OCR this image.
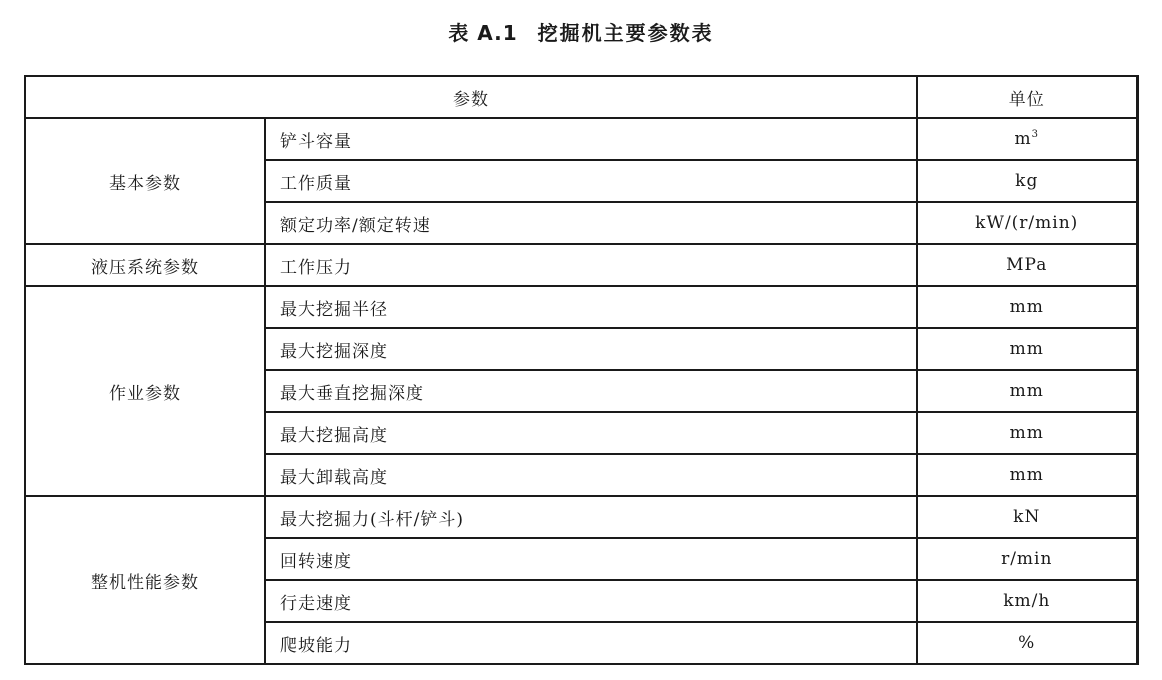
表 A.1 挖掘机主要参数表
参数		单位
基本参数	铲斗容量	$m^3$
	工作质量	kg
	额定功率/额定转速	kW/(r/min)
液压系统参数	工作压力	MPa
作业参数	最大挖掘半径	mm
	最大挖掘深度	mm
	最大垂直挖掘深度	mm
	最大挖掘高度	mm
	最大卸载高度	mm
整机性能参数	最大挖掘力(斗杆/铲斗)	kN
	回转速度	r/min
	行走速度	km/h
	爬坡能力	%
